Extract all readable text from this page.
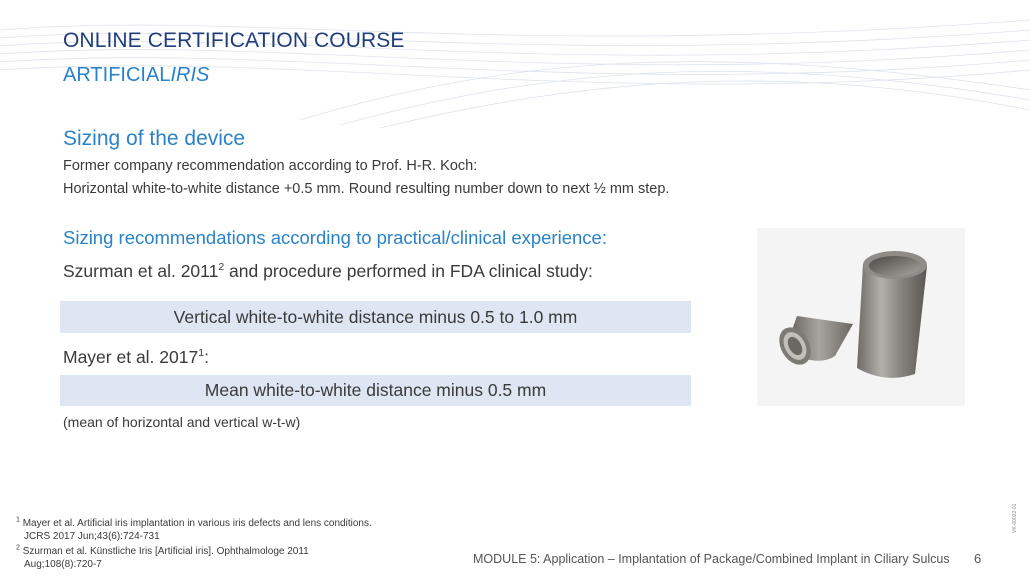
ONLINE CERTIFICATION COURSE
ARTIFICIALIRIS
Sizing of the device
Former company recommendation according to Prof. H-R. Koch:
Horizontal white-to-white distance +0.5 mm. Round resulting number down to next ½ mm step.
Sizing recommendations according to practical/clinical experience:
Szurman et al. 2011$^2$ and procedure performed in FDA clinical study:
Vertical white-to-white distance minus 0.5 to 1.0 mm
Mayer et al. 2017$^1$:
Mean white-to-white distance minus 0.5 mm
(mean of horizontal and vertical w-t-w)
$^1$ Mayer et al. Artificial iris implantation in various iris defects and lens conditions.
JCRS 2017 Jun;43(6):724-731
$^2$ Szurman et al. Künstliche Iris [Artificial iris]. Ophthalmologe 2011
Aug;108(8):720-7	MODULE 5: Application – Implantation of Package/Combined Implant in Ciliary Sulcus 6
VK-00022-01
